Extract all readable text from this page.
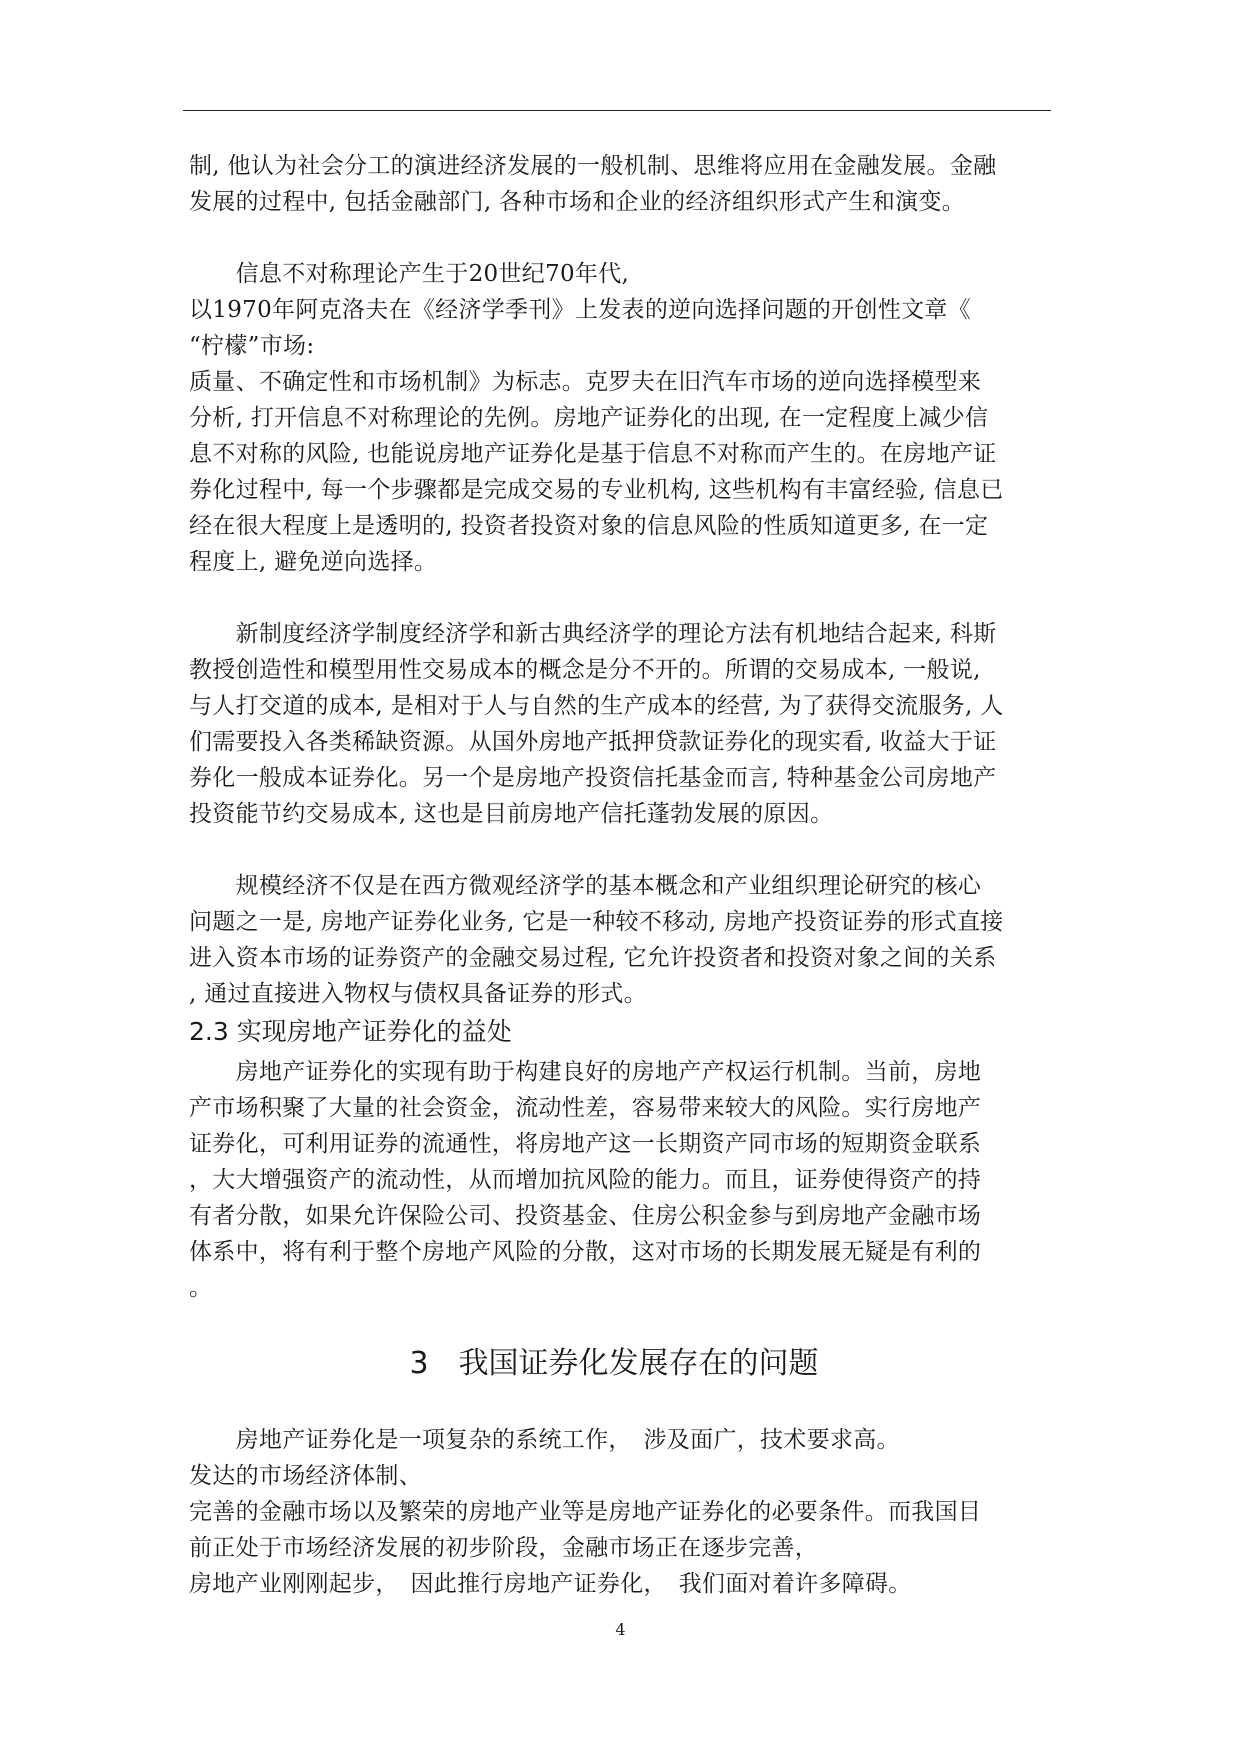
制, 他认为社会分工的演进经济发展的一般机制、思维将应用在金融发展。金融
发展的过程中, 包括金融部门, 各种市场和企业的经济组织形式产生和演变。

　　信息不对称理论产生于20世纪70年代,
以1970年阿克洛夫在《经济学季刊》上发表的逆向选择问题的开创性文章《
“柠檬”市场:
质量、不确定性和市场机制》为标志。克罗夫在旧汽车市场的逆向选择模型来
分析, 打开信息不对称理论的先例。房地产证券化的出现, 在一定程度上减少信
息不对称的风险, 也能说房地产证券化是基于信息不对称而产生的。在房地产证
券化过程中, 每一个步骤都是完成交易的专业机构, 这些机构有丰富经验, 信息已
经在很大程度上是透明的, 投资者投资对象的信息风险的性质知道更多, 在一定
程度上, 避免逆向选择。

　　新制度经济学制度经济学和新古典经济学的理论方法有机地结合起来, 科斯
教授创造性和模型用性交易成本的概念是分不开的。所谓的交易成本, 一般说,
与人打交道的成本, 是相对于人与自然的生产成本的经营, 为了获得交流服务, 人
们需要投入各类稀缺资源。从国外房地产抵押贷款证券化的现实看, 收益大于证
券化一般成本证券化。另一个是房地产投资信托基金而言, 特种基金公司房地产
投资能节约交易成本, 这也是目前房地产信托蓬勃发展的原因。

　　规模经济不仅是在西方微观经济学的基本概念和产业组织理论研究的核心
问题之一是, 房地产证券化业务, 它是一种较不移动, 房地产投资证券的形式直接
进入资本市场的证券资产的金融交易过程, 它允许投资者和投资对象之间的关系
, 通过直接进入物权与债权具备证券的形式。

2.3 实现房地产证券化的益处

　　房地产证券化的实现有助于构建良好的房地产产权运行机制。当前，房地
产市场积聚了大量的社会资金，流动性差，容易带来较大的风险。实行房地产
证券化，可利用证券的流通性，将房地产这一长期资产同市场的短期资金联系
，大大增强资产的流动性，从而增加抗风险的能力。而且，证券使得资产的持
有者分散，如果允许保险公司、投资基金、住房公积金参与到房地产金融市场
体系中，将有利于整个房地产风险的分散，这对市场的长期发展无疑是有利的
。

3　我国证券化发展存在的问题

　　房地产证券化是一项复杂的系统工作，　涉及面广，技术要求高。
发达的市场经济体制、
完善的金融市场以及繁荣的房地产业等是房地产证券化的必要条件。而我国目
前正处于市场经济发展的初步阶段，金融市场正在逐步完善，
房地产业刚刚起步，　因此推行房地产证券化，　我们面对着许多障碍。

4
